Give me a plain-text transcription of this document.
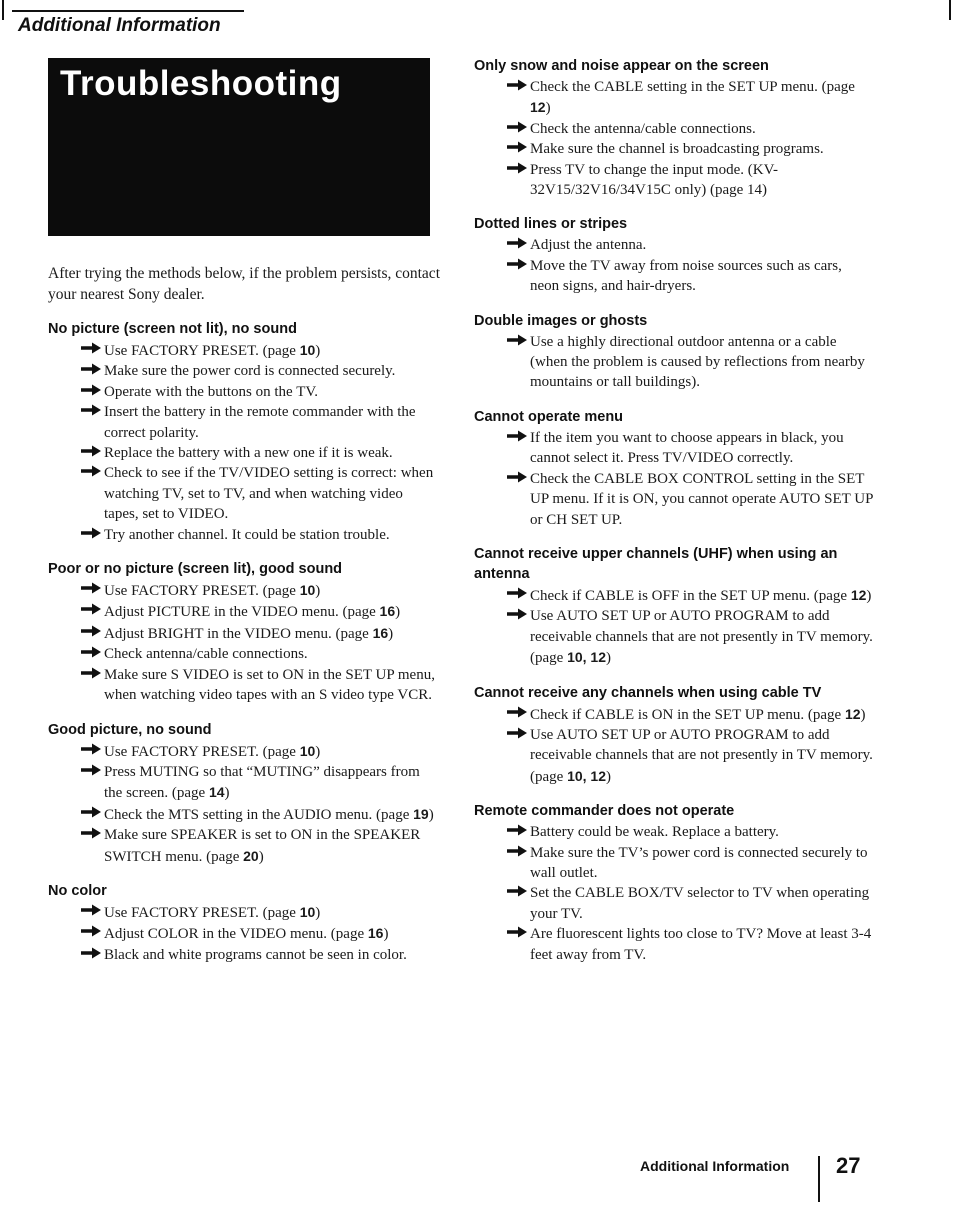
Additional Information
Troubleshooting

After trying the methods below, if the problem persists, contact your nearest Sony dealer.

No picture (screen not lit), no sound
Use FACTORY PRESET. (page 10)
Make sure the power cord is connected securely.
Operate with the buttons on the TV.
Insert the battery in the remote commander with the correct polarity.
Replace the battery with a new one if it is weak.
Check to see if the TV/VIDEO setting is correct: when watching TV, set to TV, and when watching video tapes, set to VIDEO.
Try another channel. It could be station trouble.
Poor or no picture (screen lit), good sound
Use FACTORY PRESET. (page 10)
Adjust PICTURE in the VIDEO menu. (page 16)
Adjust BRIGHT in the VIDEO menu. (page 16)
Check antenna/cable connections.
Make sure S VIDEO is set to ON in the SET UP menu, when watching video tapes with an S video type VCR.
Good picture, no sound
Use FACTORY PRESET. (page 10)
Press MUTING so that “MUTING” disappears from the screen. (page 14)
Check the MTS setting in the AUDIO menu. (page 19)
Make sure SPEAKER is set to ON in the SPEAKER SWITCH menu. (page 20)
No color
Use FACTORY PRESET. (page 10)
Adjust COLOR in the VIDEO menu. (page 16)
Black and white programs cannot be seen in color.
Only snow and noise appear on the screen
Check the CABLE setting in the SET UP menu. (page 12)
Check the antenna/cable connections.
Make sure the channel is broadcasting programs.
Press TV to change the input mode. (KV-32V15/32V16/34V15C only) (page 14)
Dotted lines or stripes
Adjust the antenna.
Move the TV away from noise sources such as cars, neon signs, and hair-dryers.
Double images or ghosts
Use a highly directional outdoor antenna or a cable (when the problem is caused by reflections from nearby mountains or tall buildings).
Cannot operate menu
If the item you want to choose appears in black, you cannot select it. Press TV/VIDEO correctly.
Check the CABLE BOX CONTROL setting in the SET UP menu. If it is ON, you cannot operate AUTO SET UP or CH SET UP.
Cannot receive upper channels (UHF) when using an antenna
Check if CABLE is OFF in the SET UP menu. (page 12)
Use AUTO SET UP or AUTO PROGRAM to add receivable channels that are not presently in TV memory. (page 10, 12)
Cannot receive any channels when using cable TV
Check if CABLE is ON in the SET UP menu. (page 12)
Use AUTO SET UP or AUTO PROGRAM to add receivable channels that are not presently in TV memory. (page 10, 12)
Remote commander does not operate
Battery could be weak. Replace a battery.
Make sure the TV’s power cord is connected securely to wall outlet.
Set the CABLE BOX/TV selector to TV when operating your TV.
Are fluorescent lights too close to TV? Move at least 3-4 feet away from TV.
Additional Information 27
